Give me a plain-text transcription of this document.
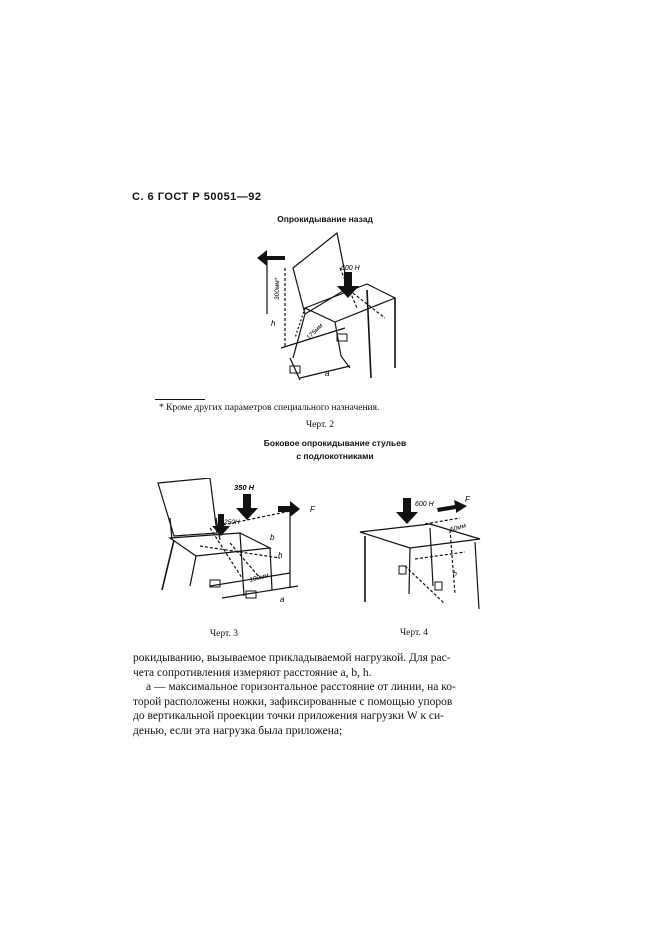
С. 6 ГОСТ Р 50051—92
Опрокидывание назад
600 Н
300мм*
175мм
h
a
* Кроме других параметров специального назначения.
Черт. 2
Боковое опрокидывание стульев
с подлокотниками
350 Н
250Н
F
b
h
100мм
a
Черт. 3
600 Н
F
50мм
h
Черт. 4

рокидыванию, вызываемое прикладываемой нагрузкой. Для рас-

чета сопротивления измеряют расстояние a, b, h.

a — максимальное горизонтальное расстояние от линии, на ко-

торой расположены ножки, зафиксированные с помощью упоров

до вертикальной проекции точки приложения нагрузки W к си-

денью, если эта нагрузка была приложена;
